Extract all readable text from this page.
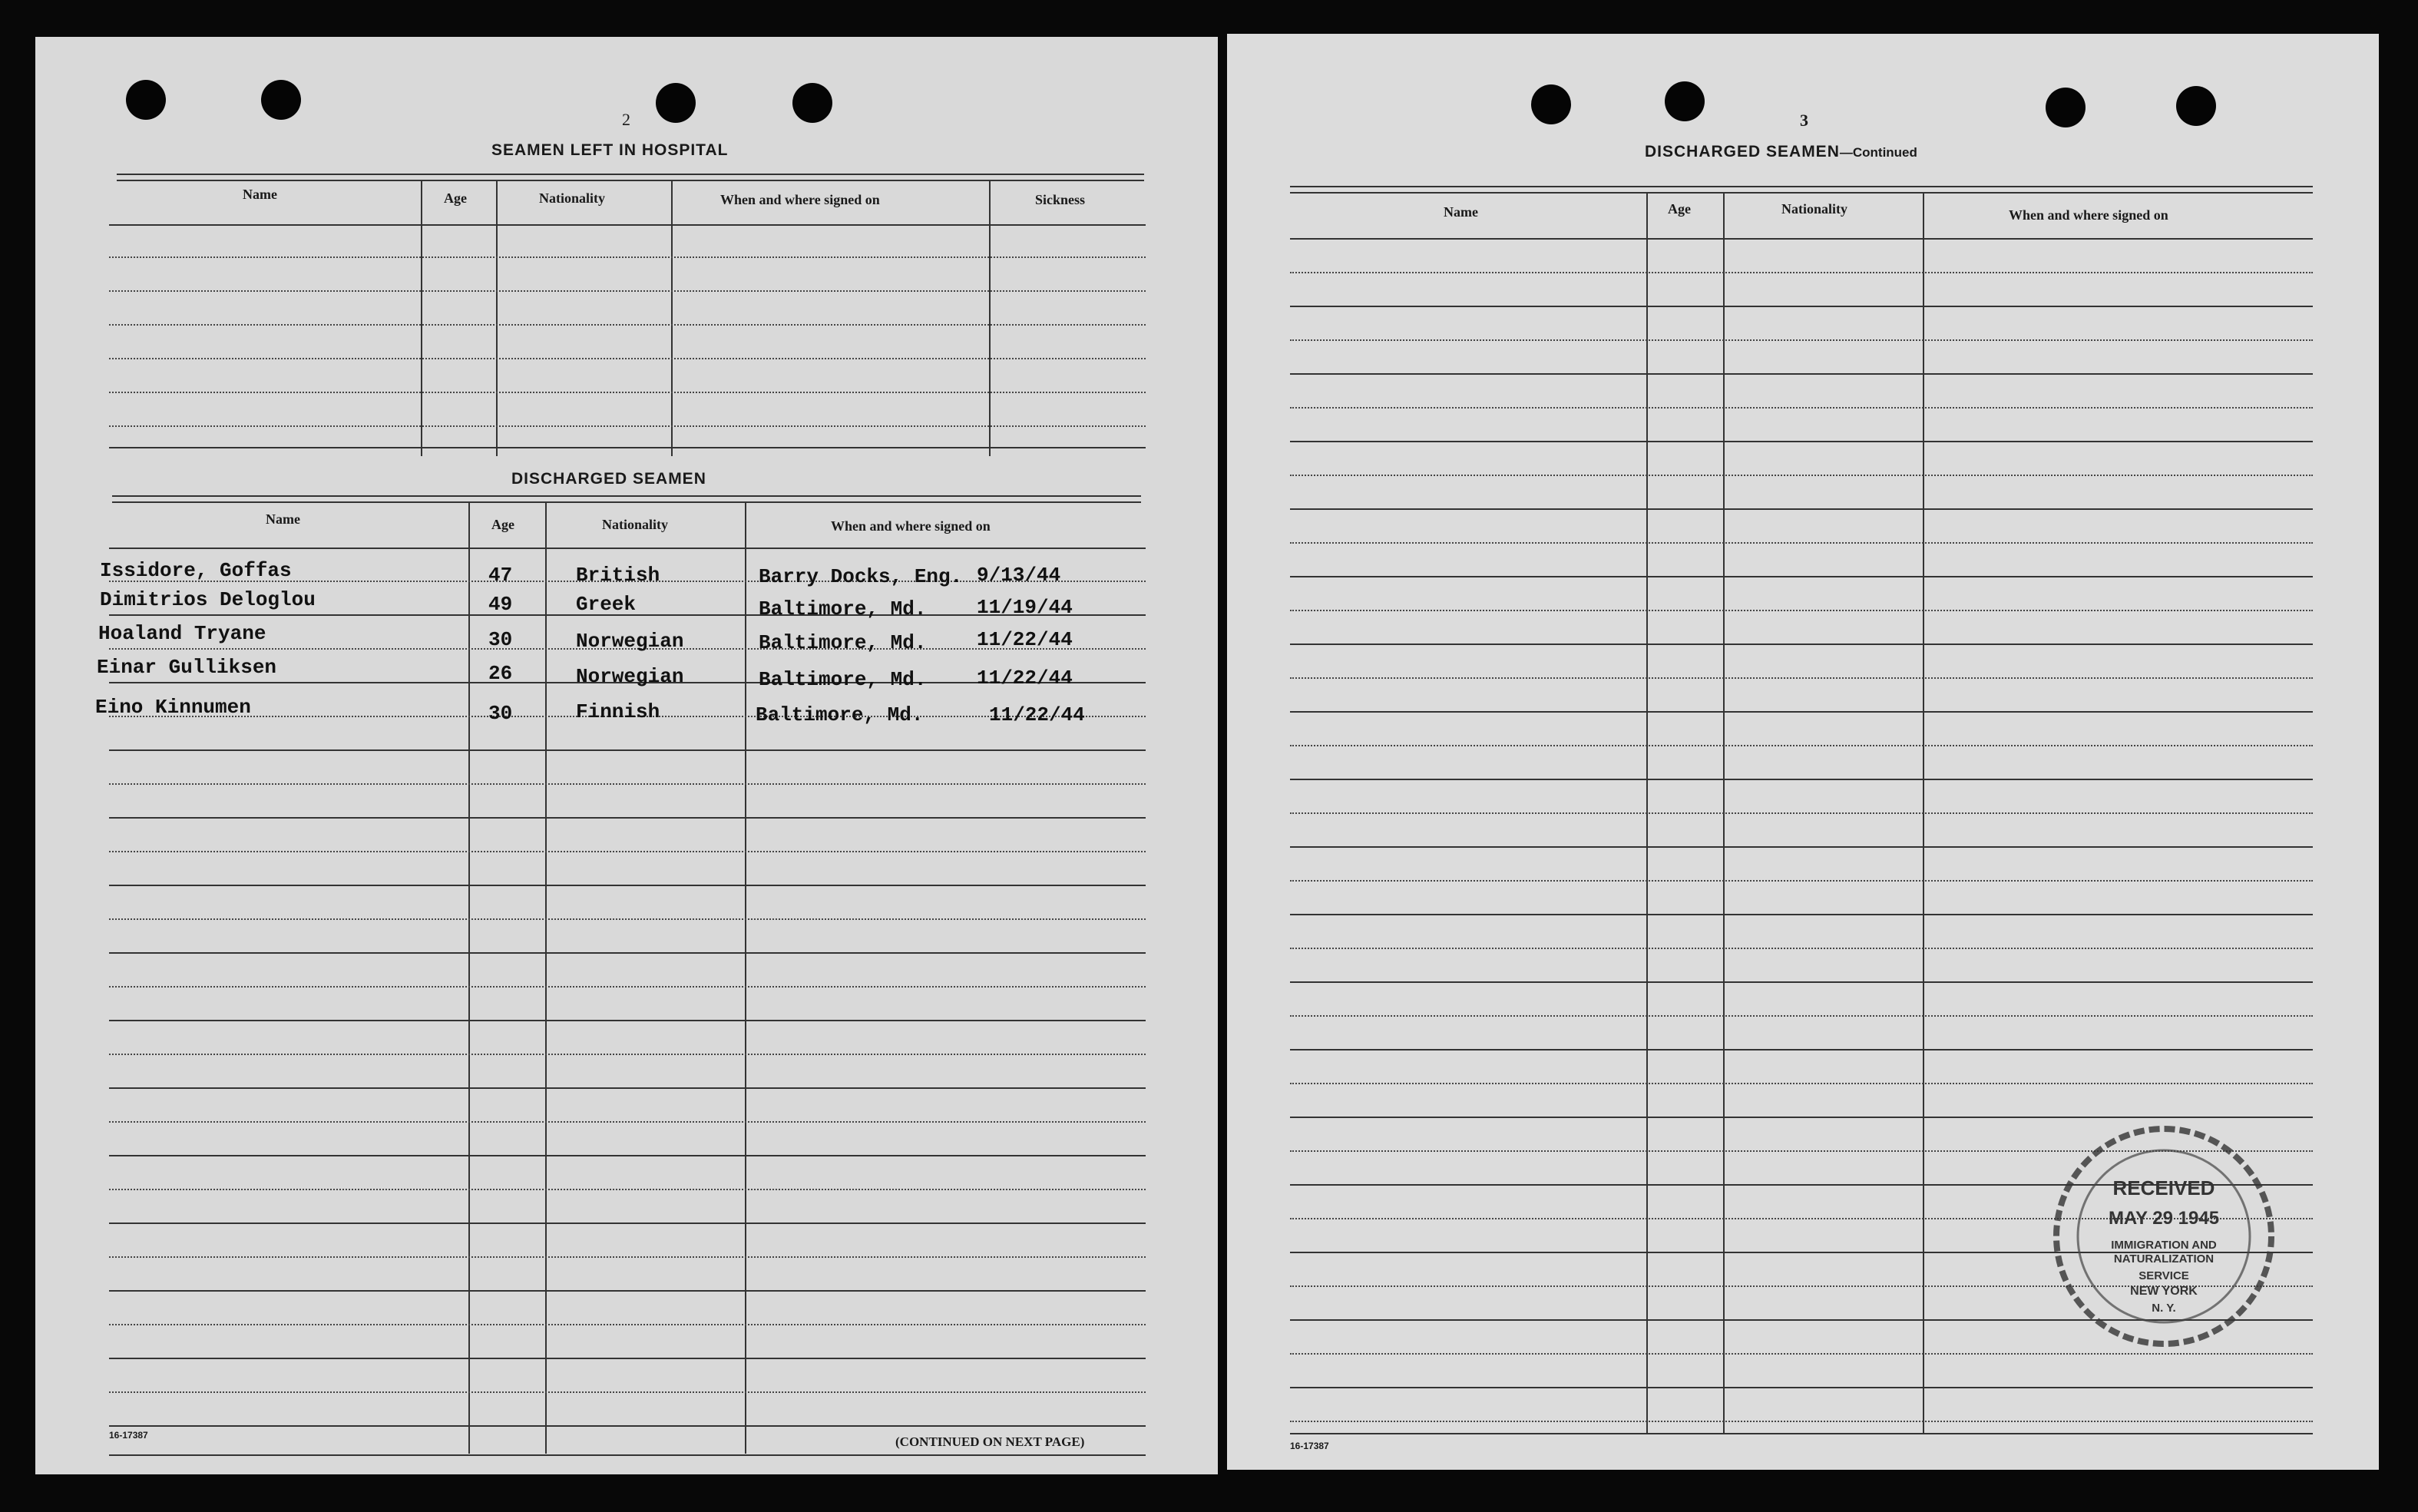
2
SEAMEN LEFT IN HOSPITAL
Name	Age	Nationality	When and where signed on	Sickness
DISCHARGED SEAMEN
Name	Age	Nationality	When and where signed on
Issidore, Goffas	47	British	Barry Docks, Eng. 9/13/44
Dimitrios Deloglou	49	Greek	Baltimore, Md.	11/19/44
Hoaland Tryane	30	Norwegian	Baltimore, Md.	11/22/44
Einar Gulliksen	26	Norwegian	Baltimore, Md.	11/22/44
Eino Kinnumen	30	Finnish	Baltimore, Md.	11/22/44
16-17387	(CONTINUED ON NEXT PAGE)
3
DISCHARGED SEAMEN—Continued
Name	Age	Nationality	When and where signed on
16-17387
RECEIVED
MAY 29 1945
IMMIGRATION AND
NATURALIZATION
SERVICE
NEW YORK
N. Y.
